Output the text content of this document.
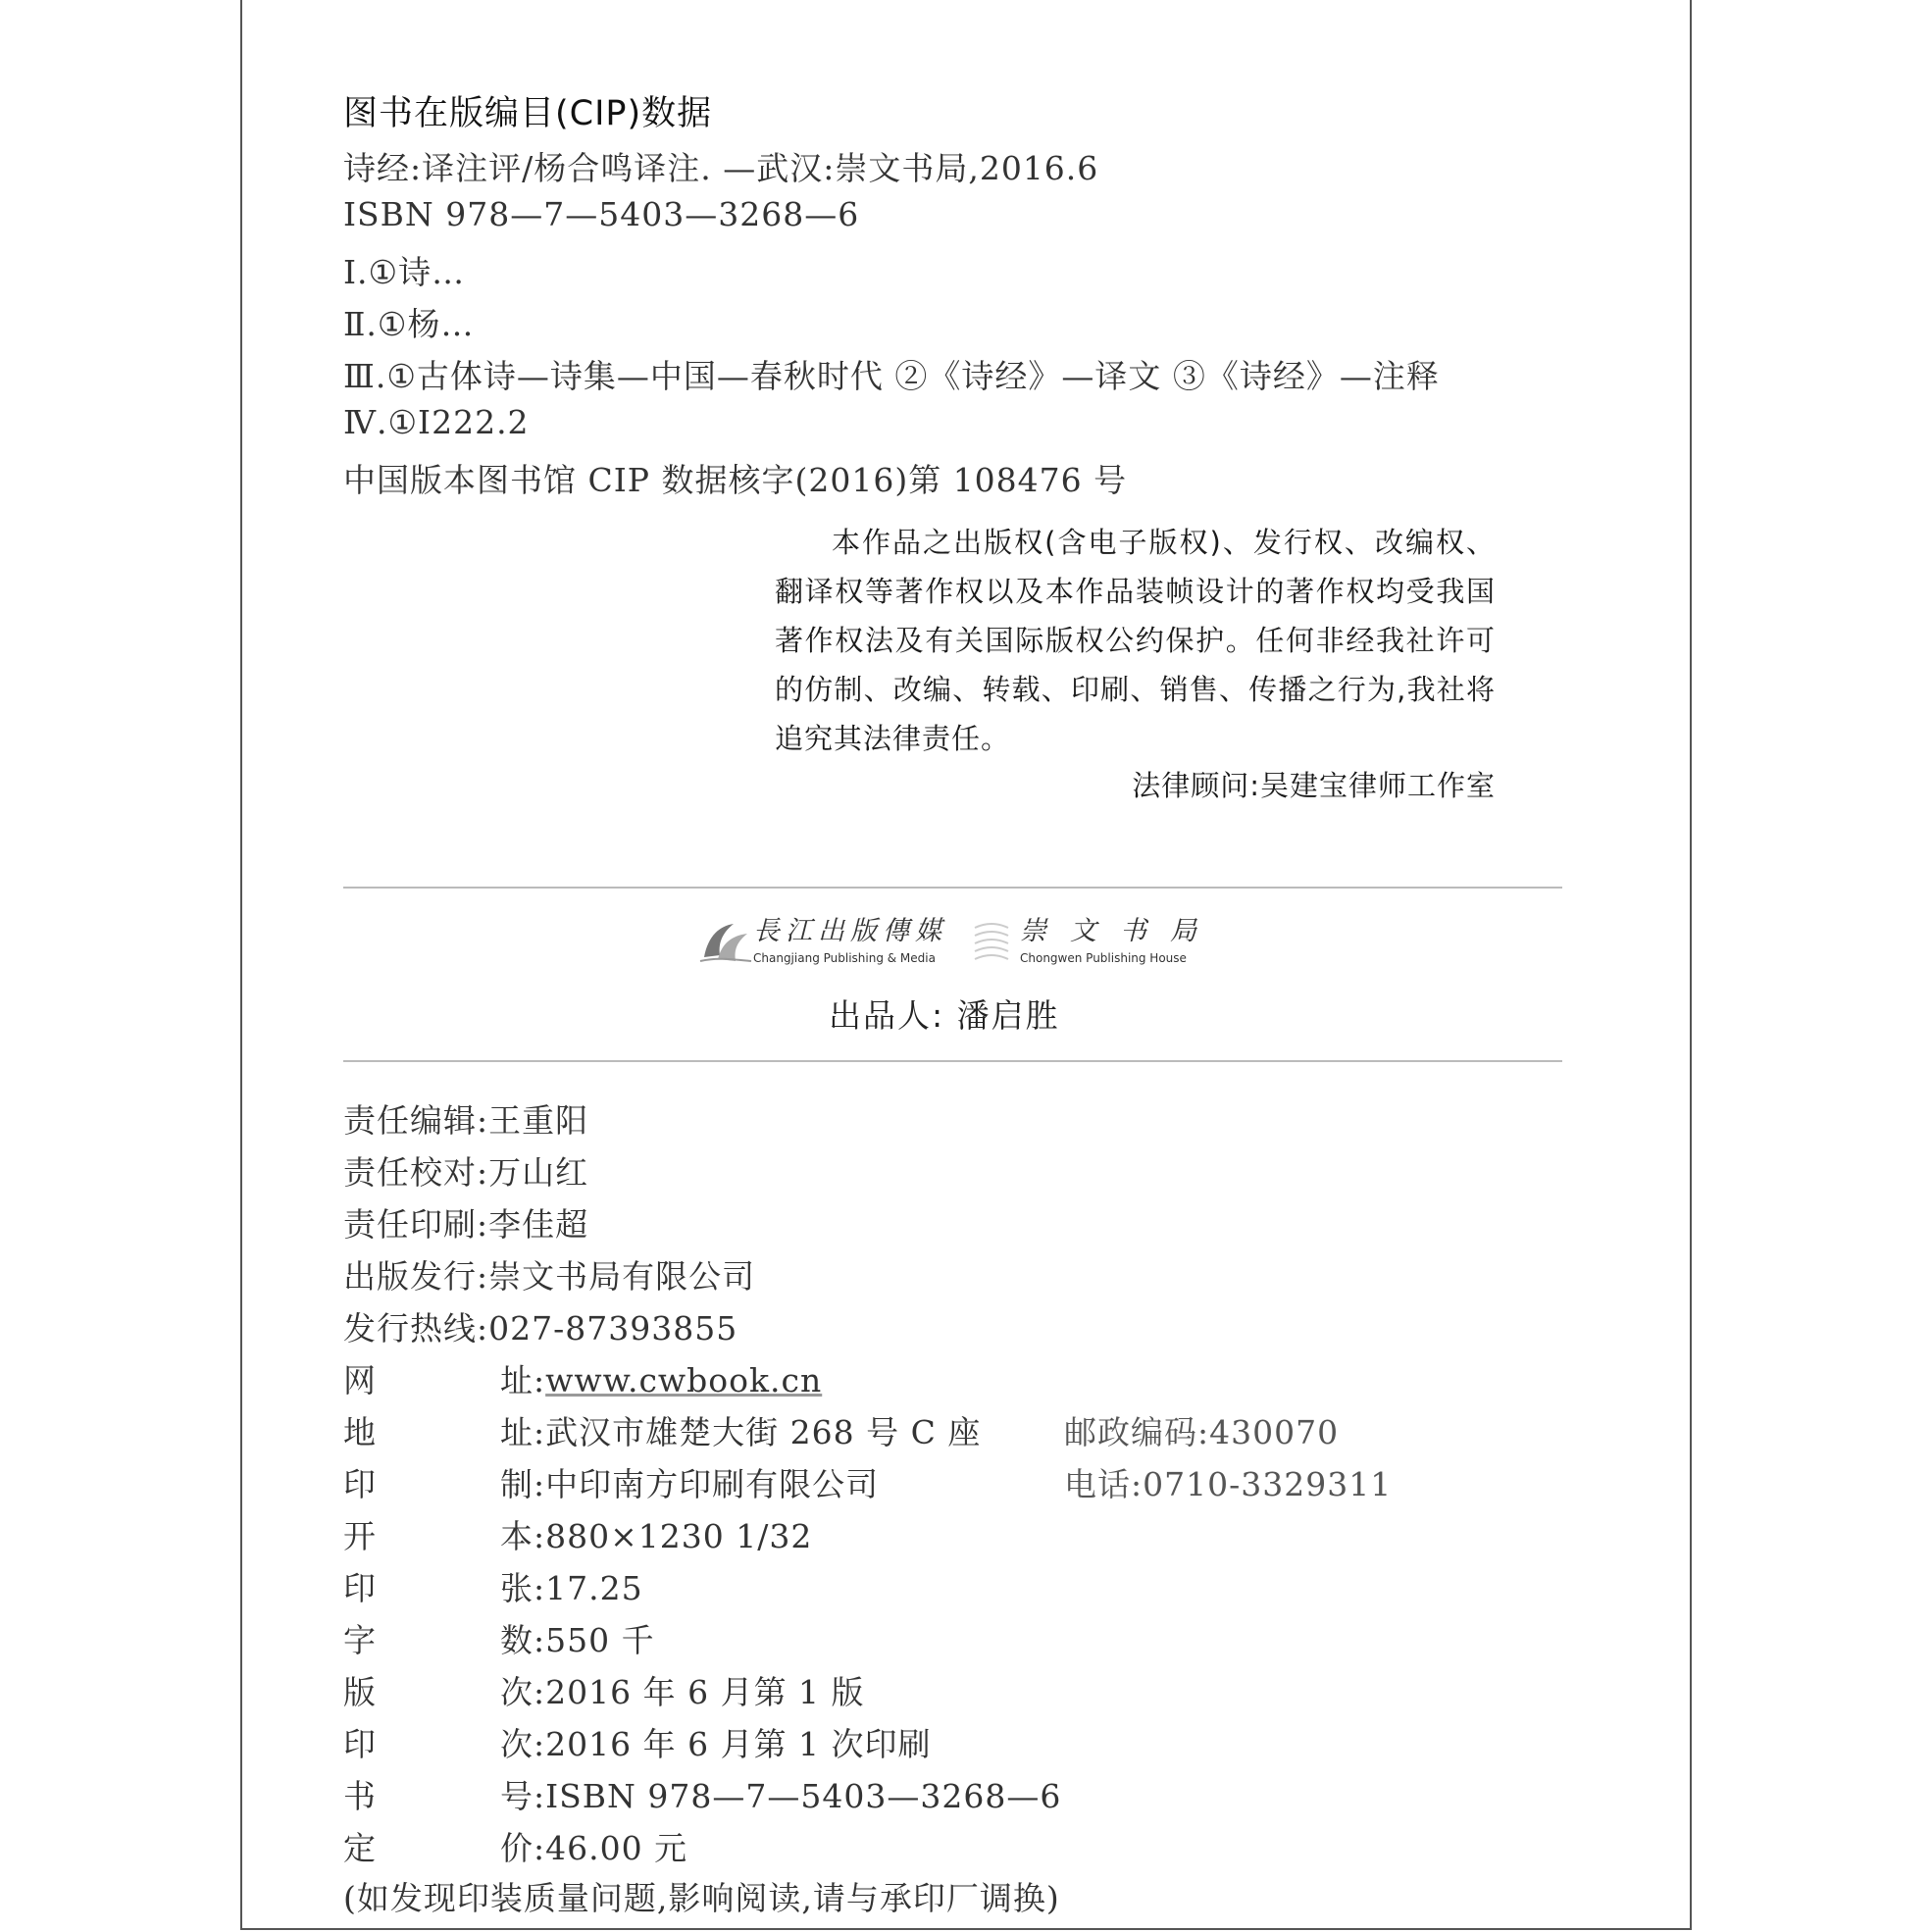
图书在版编目(CIP)数据
诗经:译注评/杨合鸣译注. —武汉:崇文书局,2016.6
ISBN 978—7—5403—3268—6
Ⅰ.①诗…
Ⅱ.①杨…
Ⅲ.①古体诗—诗集—中国—春秋时代 ②《诗经》—译文 ③《诗经》—注释
Ⅳ.①I222.2
中国版本图书馆 CIP 数据核字(2016)第 108476 号

本作品之出版权(含电子版权)、发行权、改编权、翻译权等著作权以及本作品装帧设计的著作权均受我国著作权法及有关国际版权公约保护。任何非经我社许可的仿制、改编、转载、印刷、销售、传播之行为,我社将追究其法律责任。

法律顾问:吴建宝律师工作室
長江出版傳媒
Changjiang Publishing & Media
崇文书局
Chongwen Publishing House
出品人: 潘启胜
责任编辑:王重阳
责任校对:万山红
责任印刷:李佳超
出版发行:崇文书局有限公司
发行热线:027-87393855
网	址:www.cwbook.cn
地	址:武汉市雄楚大街 268 号 C 座	邮政编码:430070
印	制:中印南方印刷有限公司	电话:0710-3329311
开	本:880×1230 1/32
印	张:17.25
字	数:550 千
版	次:2016 年 6 月第 1 版
印	次:2016 年 6 月第 1 次印刷
书	号:ISBN 978—7—5403—3268—6
定	价:46.00 元
(如发现印装质量问题,影响阅读,请与承印厂调换)
